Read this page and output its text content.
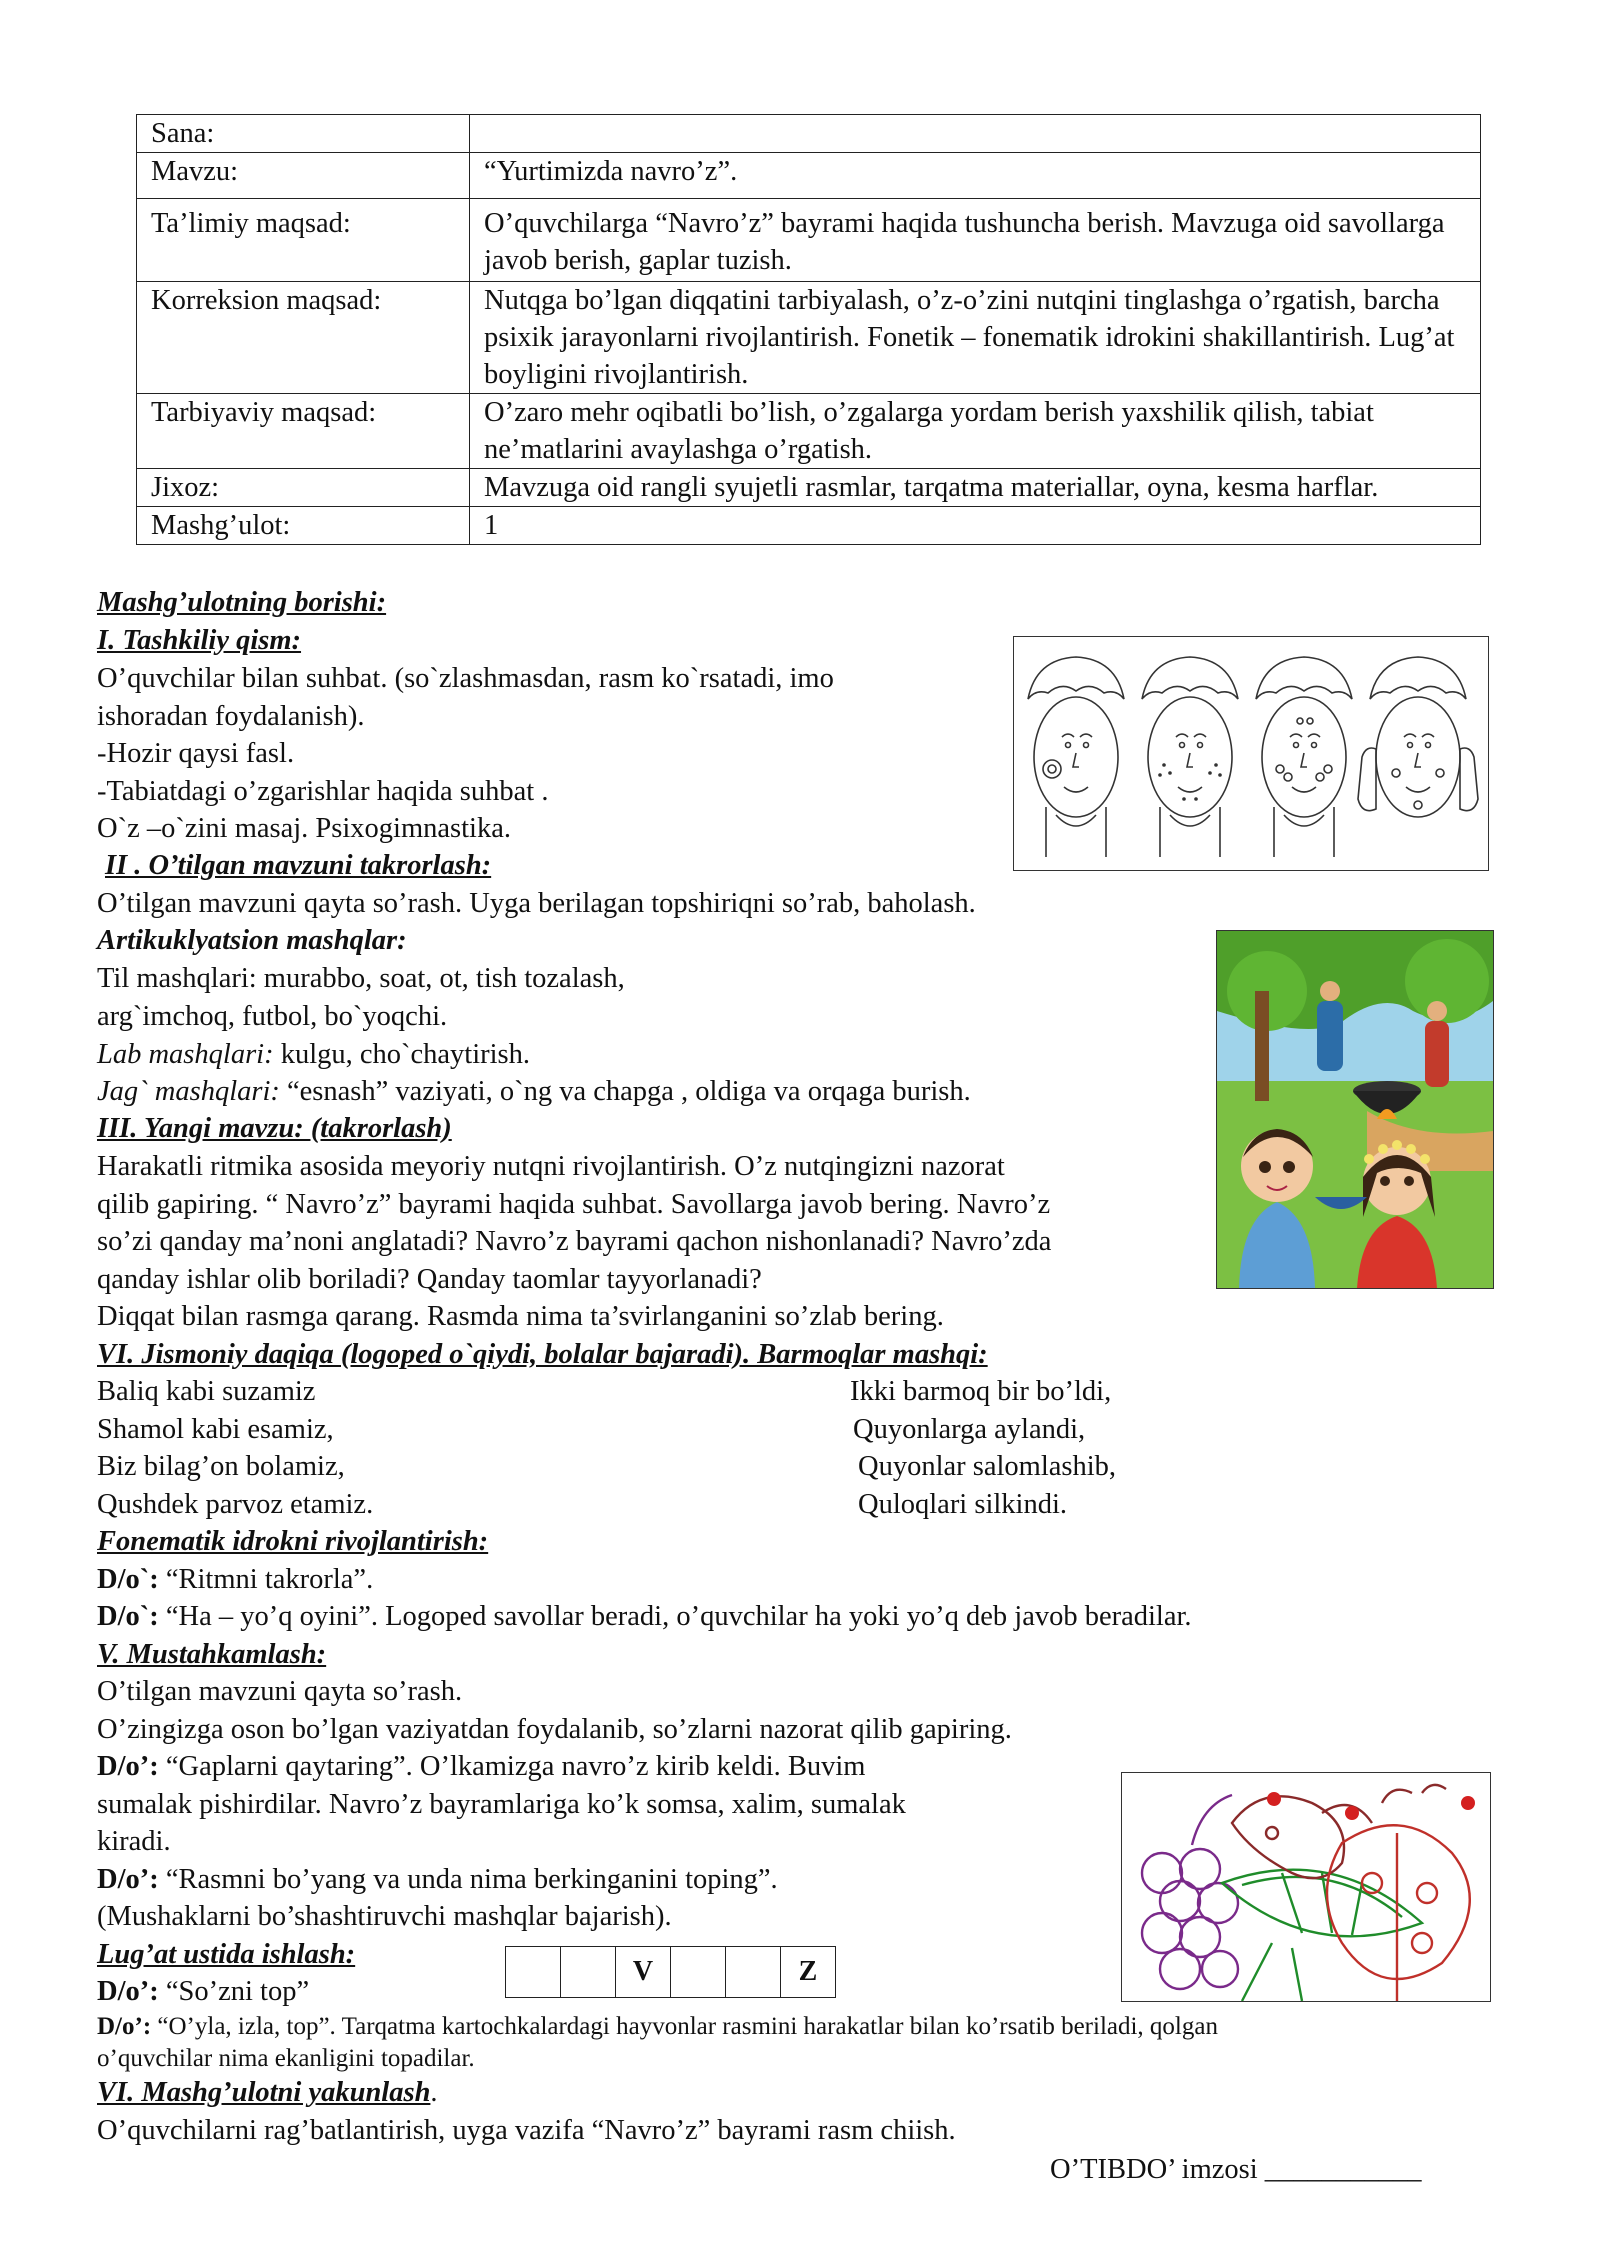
Sana:	
Mavzu:	“Yurtimizda navro’z”.
Ta’limiy maqsad:	O’quvchilarga “Navro’z” bayrami haqida tushuncha berish. Mavzuga oid savollarga javob berish, gaplar tuzish.
Korreksion maqsad:	Nutqga bo’lgan diqqatini tarbiyalash, o’z-o’zini nutqini tinglashga o’rgatish, barcha psixik jarayonlarni rivojlantirish. Fonetik – fonematik idrokini shakillantirish. Lug’at boyligini rivojlantirish.
Tarbiyaviy maqsad:	O’zaro mehr oqibatli bo’lish, o’zgalarga yordam berish yaxshilik qilish, tabiat ne’matlarini avaylashga o’rgatish.
Jixoz:	Mavzuga oid rangli syujetli rasmlar, tarqatma materiallar, oyna, kesma harflar.
Mashg’ulot:	1
Mashg’ulotning borishi:
I. Tashkiliy qism:
O’quvchilar bilan suhbat. (so`zlashmasdan, rasm ko`rsatadi, imo
ishoradan foydalanish).
-Hozir qaysi fasl.
-Tabiatdagi o’zgarishlar haqida suhbat .
O`z –o`zini masaj. Psixogimnastika.
II . O’tilgan mavzuni takrorlash:
O’tilgan mavzuni qayta so’rash. Uyga berilagan topshiriqni so’rab, baholash.
Artikuklyatsion mashqlar:
Til mashqlari: murabbo, soat, ot, tish tozalash,
arg`imchoq, futbol, bo`yoqchi.
Lab mashqlari: kulgu, cho`chaytirish.
Jag` mashqlari: “esnash” vaziyati, o`ng va chapga , oldiga va orqaga burish.
III. Yangi mavzu: (takrorlash)
Harakatli ritmika asosida meyoriy nutqni rivojlantirish. O’z nutqingizni nazorat
qilib gapiring. “ Navro’z” bayrami haqida suhbat. Savollarga javob bering. Navro’z
so’zi qanday ma’noni anglatadi? Navro’z bayrami qachon nishonlanadi? Navro’zda
qanday ishlar olib boriladi? Qanday taomlar tayyorlanadi?
Diqqat bilan rasmga qarang. Rasmda nima ta’svirlanganini so’zlab bering.
VI. Jismoniy daqiqa (logoped o`qiydi, bolalar bajaradi). Barmoqlar mashqi:
Baliq kabi suzamiz
Shamol kabi esamiz,
Biz bilag’on bolamiz,
Qushdek parvoz etamiz.
Ikki barmoq bir bo’ldi,
Quyonlarga aylandi,
Quyonlar salomlashib,
Quloqlari silkindi.
Fonematik idrokni rivojlantirish:
D/o`: “Ritmni takrorla”.
D/o`: “Ha – yo’q oyini”. Logoped savollar beradi, o’quvchilar ha yoki yo’q deb javob beradilar.
V. Mustahkamlash:
O’tilgan mavzuni qayta so’rash.
O’zingizga oson bo’lgan vaziyatdan foydalanib, so’zlarni nazorat qilib gapiring.
D/o’: “Gaplarni qaytaring”. O’lkamizga navro’z kirib keldi. Buvim
sumalak pishirdilar. Navro’z bayramlariga ko’k somsa, xalim, sumalak
kiradi.
D/o’: “Rasmni bo’yang va unda nima berkinganini toping”.
(Mushaklarni bo’shashtiruvchi mashqlar bajarish).
Lug’at ustida ishlash:
D/o’: “So’zni top”
V	Z
D/o’: “O’yla, izla, top”. Tarqatma kartochkalardagi hayvonlar rasmini harakatlar bilan ko’rsatib beriladi, qolgan
o’quvchilar nima ekanligini topadilar.
VI. Mashg’ulotni yakunlash.
O’quvchilarni rag’batlantirish, uyga vazifa “Navro’z” bayrami rasm chiish.
O’TIBDO’ imzosi ___________
